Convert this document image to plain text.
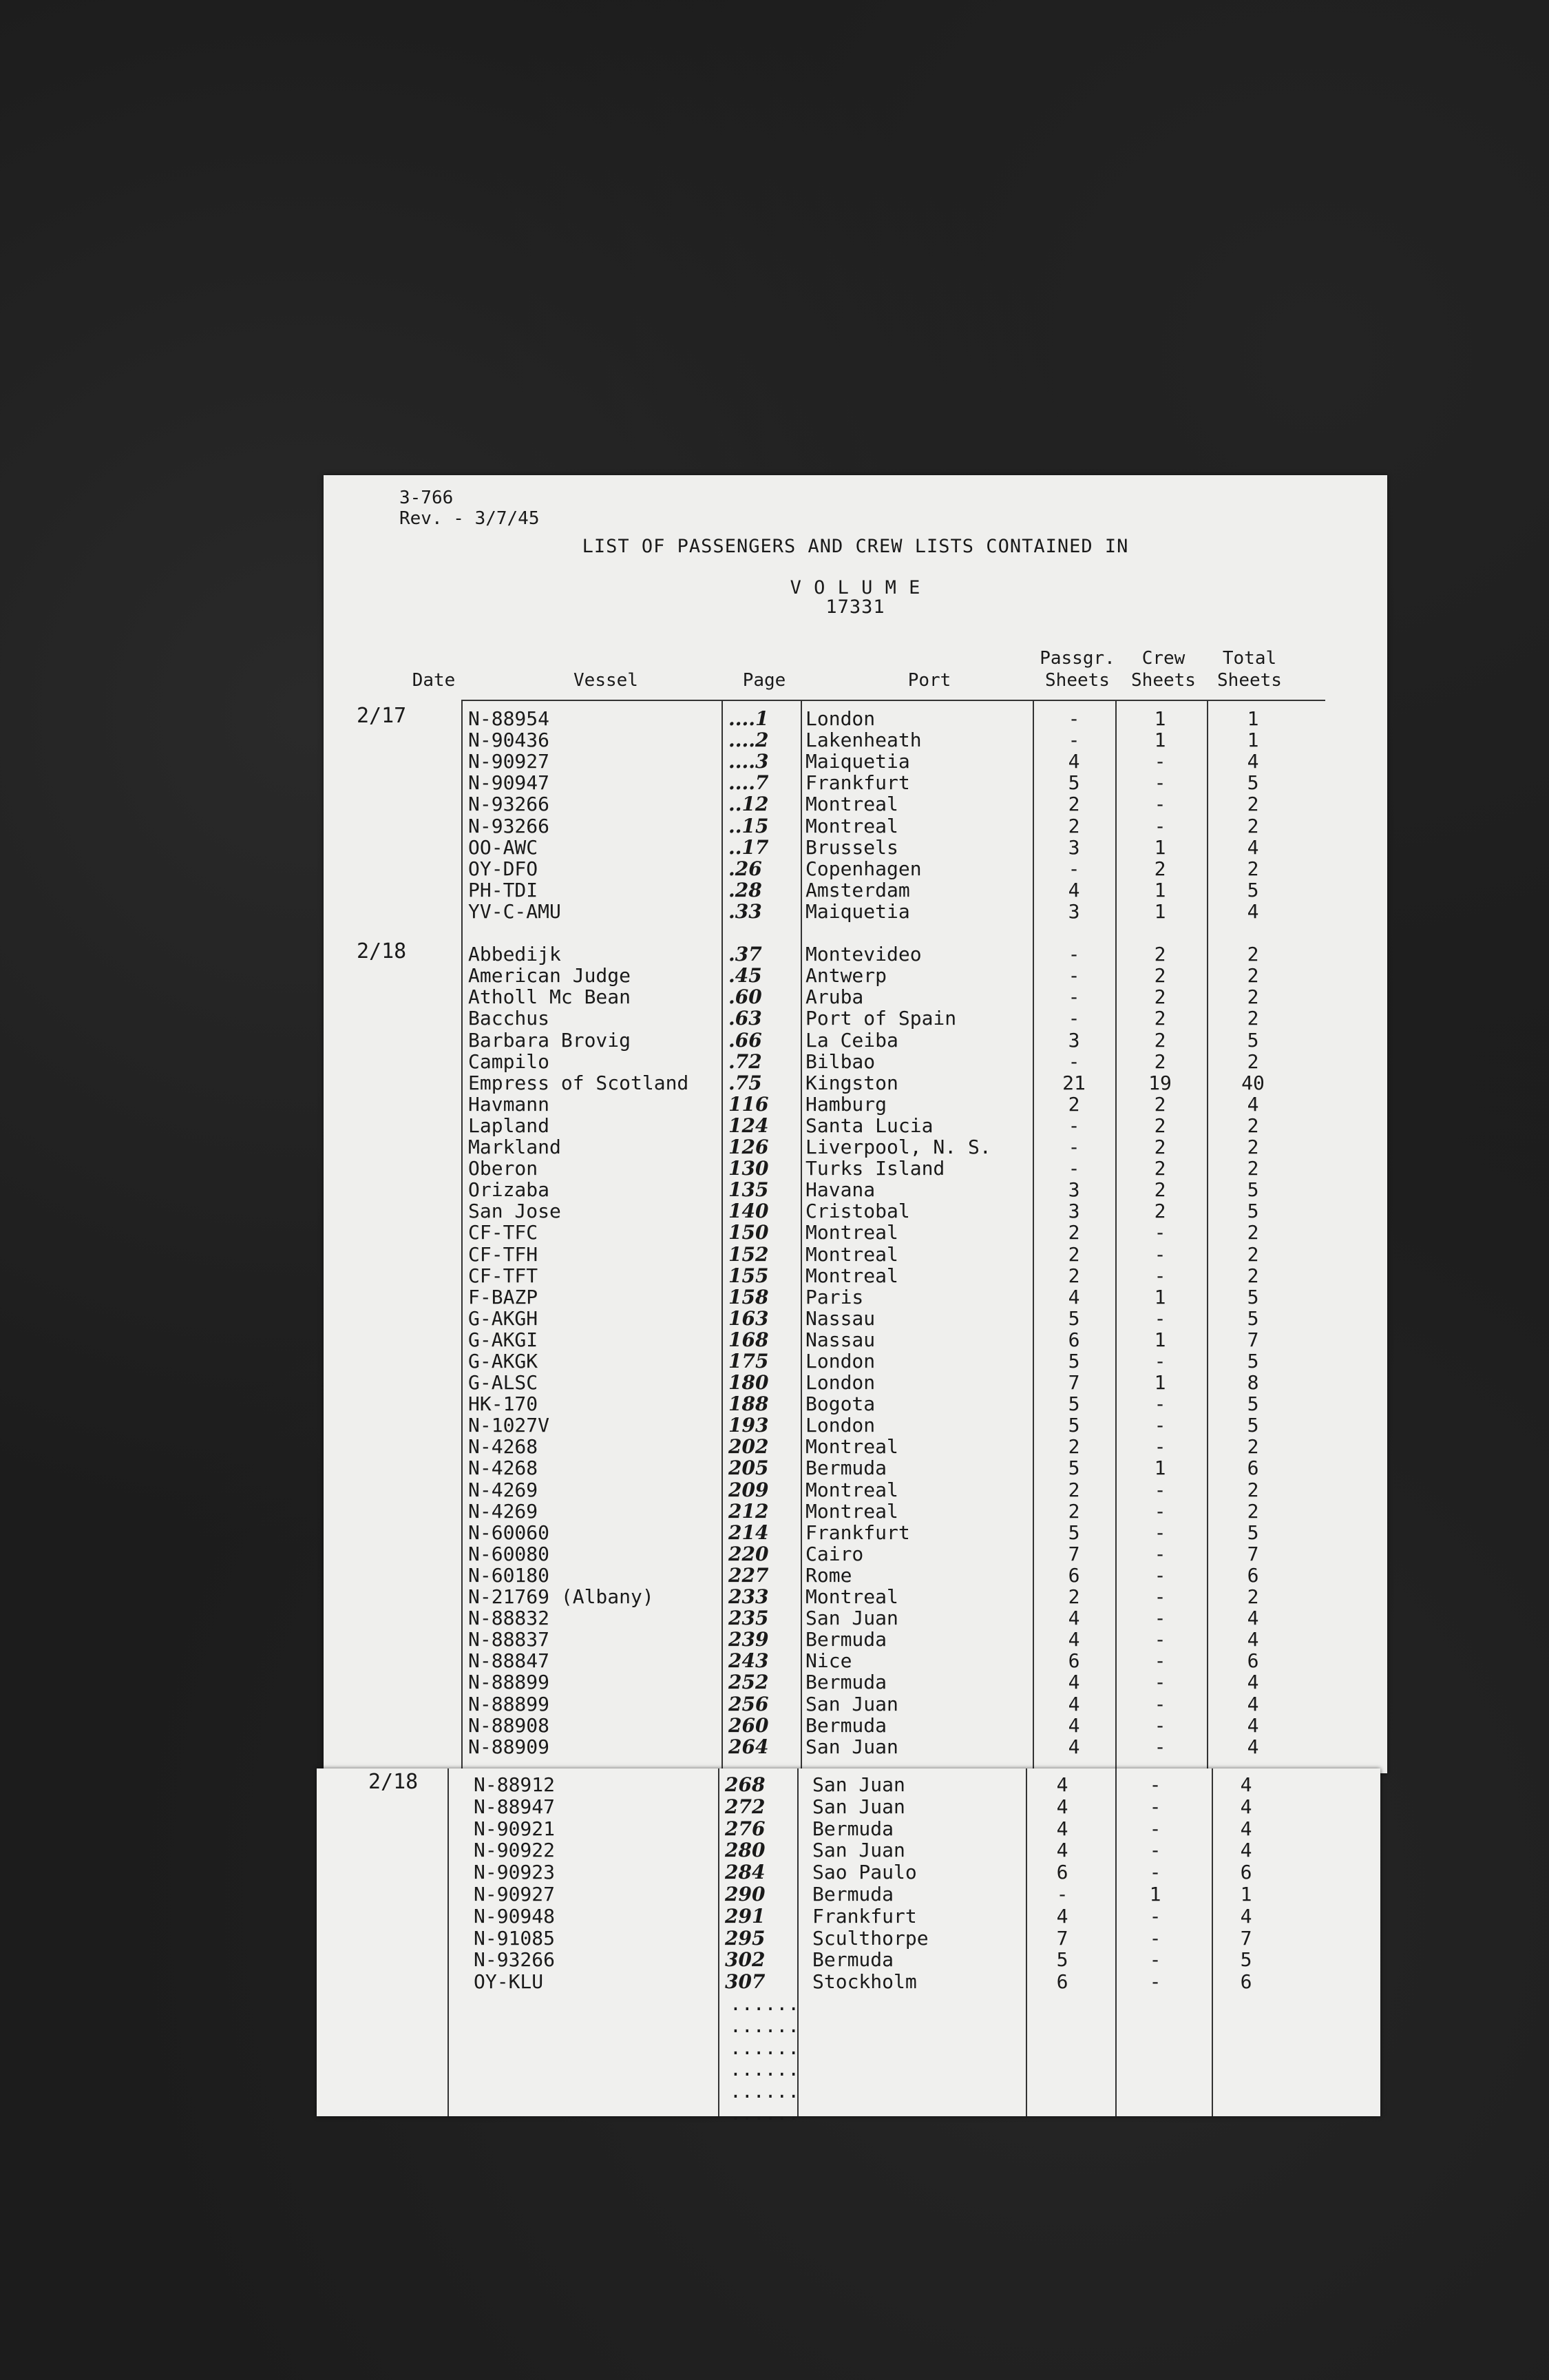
3-766
Rev. - 3/7/45
LIST OF PASSENGERS AND CREW LISTS CONTAINED IN
V O L U M E
17331
Date	Vessel	Page	Port
Passgr.
Sheets
Crew
Sheets
Total
Sheets
2/17	N-88954	....1 London	-	1	1
N-90436	....2 Lakenheath	-	1	1
N-90927	....3 Maiquetia	4	-	4
N-90947	....7 Frankfurt	5	-	5
N-93266	..12 Montreal	2	-	2
N-93266	..15 Montreal	2	-	2
OO-AWC	..17 Brussels	3	1	4
OY-DFO	.26 Copenhagen	-	2	2
PH-TDI	.28 Amsterdam	4	1	5
YV-C-AMU	.33 Maiquetia	3	1	4
2/18	Abbedijk	.37 Montevideo	-	2	2
American Judge	.45 Antwerp	-	2	2
Atholl Mc Bean	.60 Aruba	-	2	2
Bacchus	.63 Port of Spain	-	2	2
Barbara Brovig	.66 La Ceiba	3	2	5
Campilo	.72 Bilbao	-	2	2
Empress of Scotland .75 Kingston	21	19	40
Havmann	116 Hamburg	2	2	4
Lapland	124 Santa Lucia	-	2	2
Markland	126 Liverpool, N. S.	-	2	2
Oberon	130 Turks Island	-	2	2
Orizaba	135 Havana	3	2	5
San Jose	140 Cristobal	3	2	5
CF-TFC	150 Montreal	2	-	2
CF-TFH	152 Montreal	2	-	2
CF-TFT	155 Montreal	2	-	2
F-BAZP	158 Paris	4	1	5
G-AKGH	163 Nassau	5	-	5
G-AKGI	168 Nassau	6	1	7
G-AKGK	175 London	5	-	5
G-ALSC	180 London	7	1	8
HK-170	188 Bogota	5	-	5
N-1027V	193 London	5	-	5
N-4268	202 Montreal	2	-	2
N-4268	205 Bermuda	5	1	6
N-4269	209 Montreal	2	-	2
N-4269	212 Montreal	2	-	2
N-60060	214 Frankfurt	5	-	5
N-60080	220 Cairo	7	-	7
N-60180	227 Rome	6	-	6
N-21769 (Albany)	233 Montreal	2	-	2
N-88832	235 San Juan	4	-	4
N-88837	239 Bermuda	4	-	4
N-88847	243 Nice	6	-	6
N-88899	252 Bermuda	4	-	4
N-88899	256 San Juan	4	-	4
N-88908	260 Bermuda	4	-	4
N-88909	264 San Juan	4	-	4
2/18	N-88912	268 San Juan	4	-	4
N-88947	272 San Juan	4	-	4
N-90921	276 Bermuda	4	-	4
N-90922	280 San Juan	4	-	4
N-90923	284 Sao Paulo	6	-	6
N-90927	290 Bermuda	-	1	1
N-90948	291 Frankfurt	4	-	4
N-91085	295 Sculthorpe	7	-	7
N-93266	302 Bermuda	5	-	5
OY-KLU	307 Stockholm	6	-	6
......
......
......
......
......
......
